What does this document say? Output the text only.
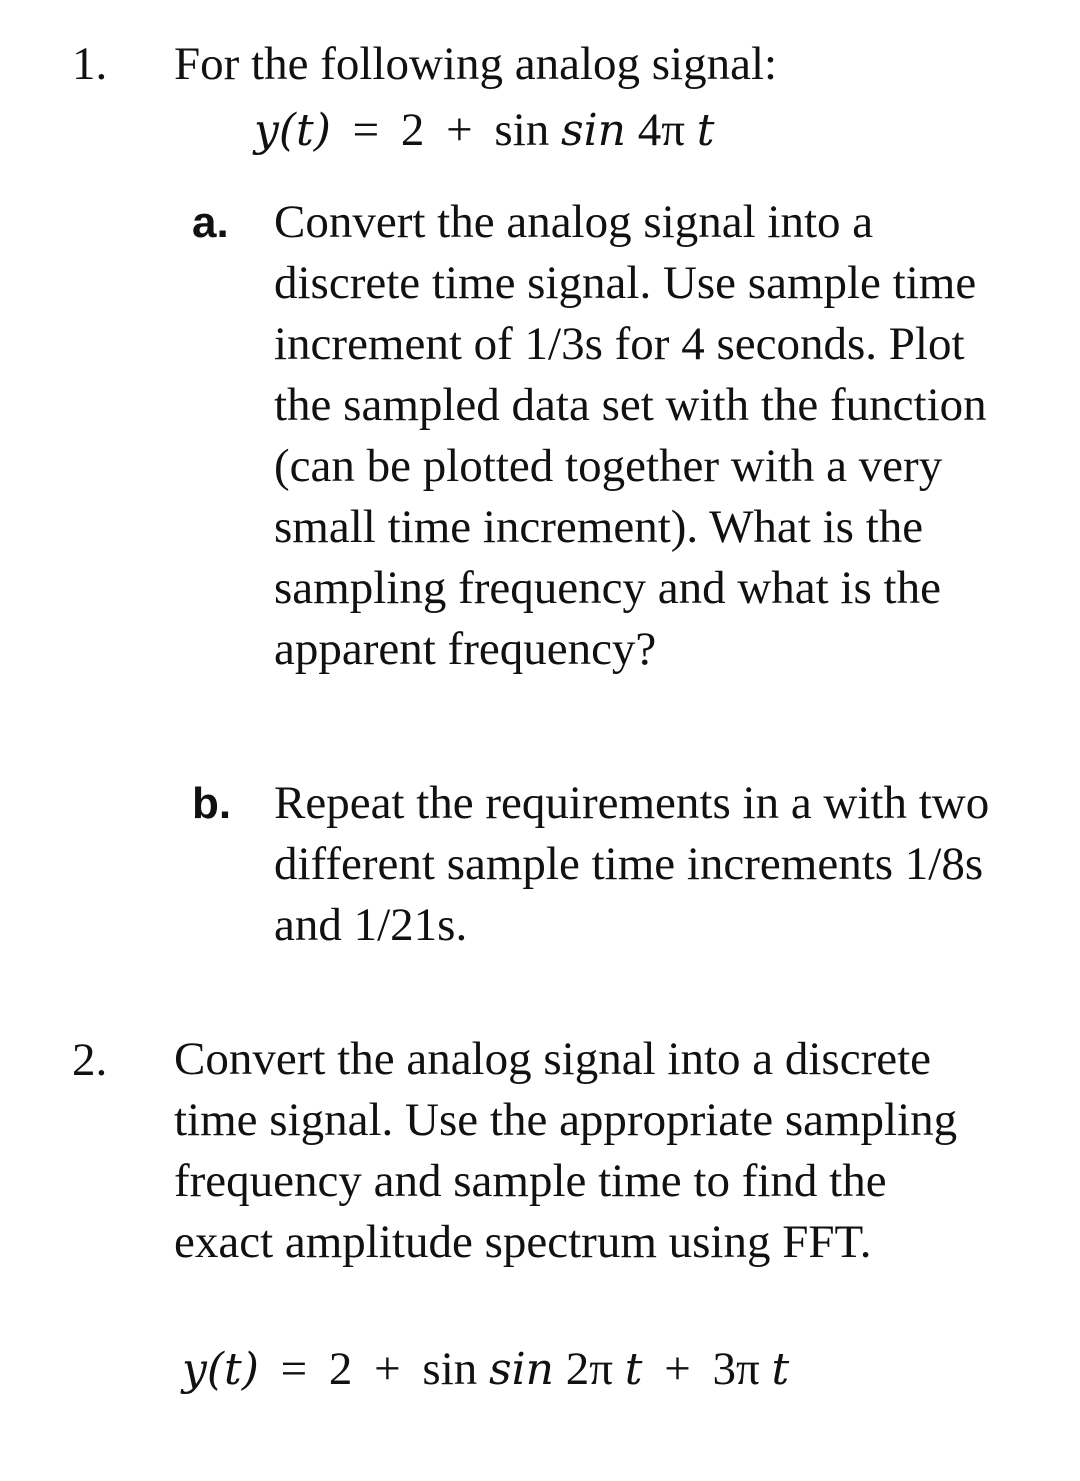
1. For the following analog signal:
y(t) = 2 + sin sin 4π t
a. Convert the analog signal into a discrete time signal. Use sample time increment of 1/3s for 4 seconds. Plot the sampled data set with the function (can be plotted together with a very small time increment). What is the sampling frequency and what is the apparent frequency?

b. Repeat the requirements in a with two different sample time increments 1/8s and 1/21s.

2. Convert the analog signal into a discrete time signal. Use the appropriate sampling frequency and sample time to find the exact amplitude spectrum using FFT.

y(t) = 2 + sin sin 2π t + 3π t
